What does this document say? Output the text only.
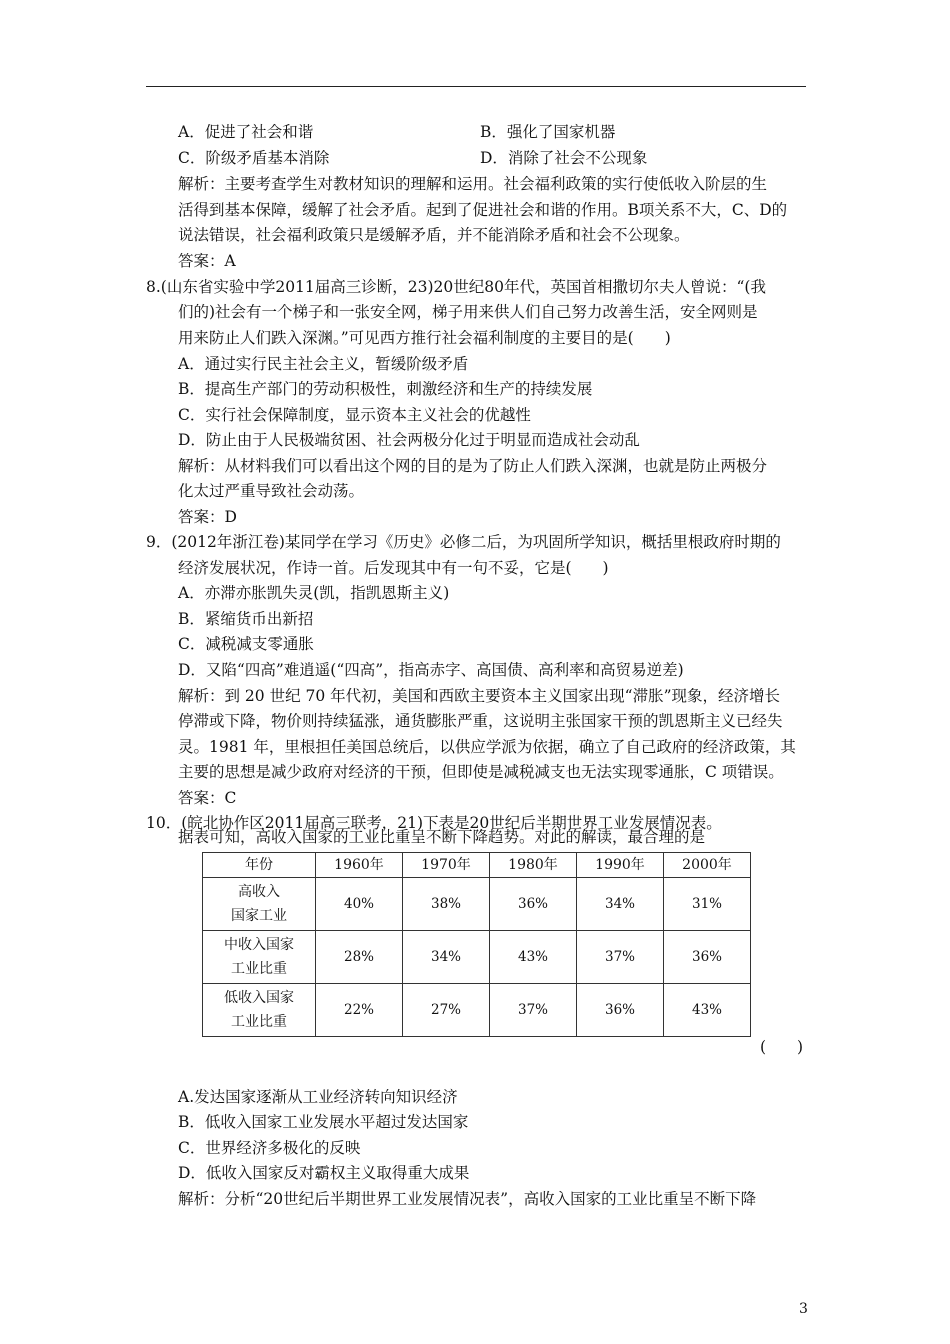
A．促进了社会和谐	B．强化了国家机器
C．阶级矛盾基本消除	D．消除了社会不公现象
解析：主要考查学生对教材知识的理解和运用。社会福利政策的实行使低收入阶层的生
活得到基本保障，缓解了社会矛盾。起到了促进社会和谐的作用。B项关系不大，C、D的
说法错误，社会福利政策只是缓解矛盾，并不能消除矛盾和社会不公现象。
答案：A
8.(山东省实验中学2011届高三诊断，23)20世纪80年代，英国首相撒切尔夫人曾说：“(我
们的)社会有一个梯子和一张安全网，梯子用来供人们自己努力改善生活，安全网则是
用来防止人们跌入深渊。”可见西方推行社会福利制度的主要目的是(　　)
A．通过实行民主社会主义，暂缓阶级矛盾
B．提高生产部门的劳动积极性，刺激经济和生产的持续发展
C．实行社会保障制度，显示资本主义社会的优越性
D．防止由于人民极端贫困、社会两极分化过于明显而造成社会动乱
解析：从材料我们可以看出这个网的目的是为了防止人们跌入深渊，也就是防止两极分
化太过严重导致社会动荡。
答案：D
9．(2012年浙江卷)某同学在学习《历史》必修二后，为巩固所学知识，概括里根政府时期的
经济发展状况，作诗一首。后发现其中有一句不妥，它是(　　)
A．亦滞亦胀凯失灵(凯，指凯恩斯主义)
B．紧缩货币出新招
C．减税减支零通胀
D．又陷“四高”难逍遥(“四高”，指高赤字、高国债、高利率和高贸易逆差)
解析：到 20 世纪 70 年代初，美国和西欧主要资本主义国家出现“滞胀”现象，经济增长
停滞或下降，物价则持续猛涨，通货膨胀严重，这说明主张国家干预的凯恩斯主义已经失
灵。1981 年，里根担任美国总统后，以供应学派为依据，确立了自己政府的经济政策，其
主要的思想是减少政府对经济的干预，但即使是减税减支也无法实现零通胀，C 项错误。
答案：C
10．(皖北协作区2011届高三联考，21)下表是20世纪后半期世界工业发展情况表。
据表可知，高收入国家的工业比重呈不断下降趋势。对此的解读，最合理的是
年份	1960年	1970年	1980年	1990年	2000年

高收入
国家工业	40%	38%	36%	34%	31%

中收入国家
工业比重	28%	34%	43%	37%	36%

低收入国家
工业比重	22%	27%	37%	36%	43%
(　　)
A.发达国家逐渐从工业经济转向知识经济
B．低收入国家工业发展水平超过发达国家
C．世界经济多极化的反映
D．低收入国家反对霸权主义取得重大成果
解析：分析“20世纪后半期世界工业发展情况表”，高收入国家的工业比重呈不断下降
3
